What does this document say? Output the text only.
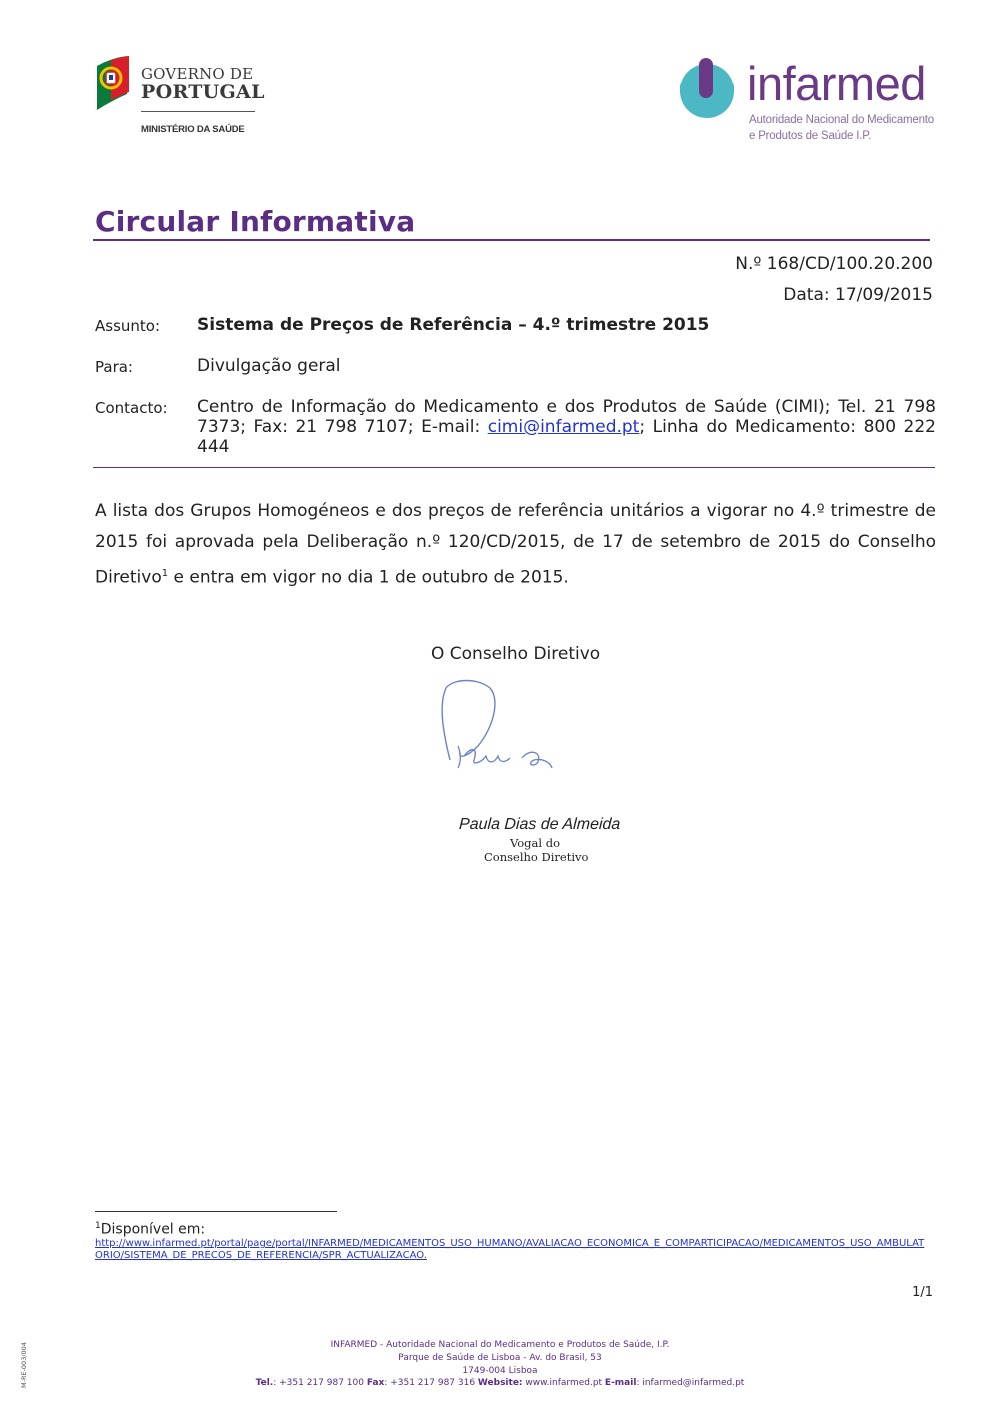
GOVERNO DE
PORTUGAL
MINISTÉRIO DA SAÚDE
infarmed
Autoridade Nacional do Medicamento
e Produtos de Saúde I.P.
Circular Informativa
N.º 168/CD/100.20.200
Data: 17/09/2015
Assunto: Sistema de Preços de Referência – 4.º trimestre 2015
Para:	Divulgação geral
Contacto: Centro de Informação do Medicamento e dos Produtos de Saúde (CIMI); Tel. 21 798 7373; Fax: 21 798 7107; E-mail: cimi@infarmed.pt; Linha do Medicamento: 800 222 444
A lista dos Grupos Homogéneos e dos preços de referência unitários a vigorar no 4.º trimestre de 2015 foi aprovada pela Deliberação n.º 120/CD/2015, de 17 de setembro de 2015 do Conselho Diretivo$^1$ e entra em vigor no dia 1 de outubro de 2015.
O Conselho Diretivo
Paula Dias de Almeida
Vogal do
Conselho Diretivo
$^1$Disponível em:
http://www.infarmed.pt/portal/page/portal/INFARMED/MEDICAMENTOS_USO_HUMANO/AVALIACAO_ECONOMICA_E_COMPARTICIPACAO/MEDICAMENTOS_USO_AMBULATORIO/SISTEMA_DE_PRECOS_DE_REFERENCIA/SPR_ACTUALIZACAO.
1/1
INFARMED - Autoridade Nacional do Medicamento e Produtos de Saúde, I.P.
Parque de Saúde de Lisboa - Av. do Brasil, 53
1749-004 Lisboa
Tel.: +351 217 987 100 Fax: +351 217 987 316 Website: www.infarmed.pt E-mail: infarmed@infarmed.pt
M-RE-003/004
